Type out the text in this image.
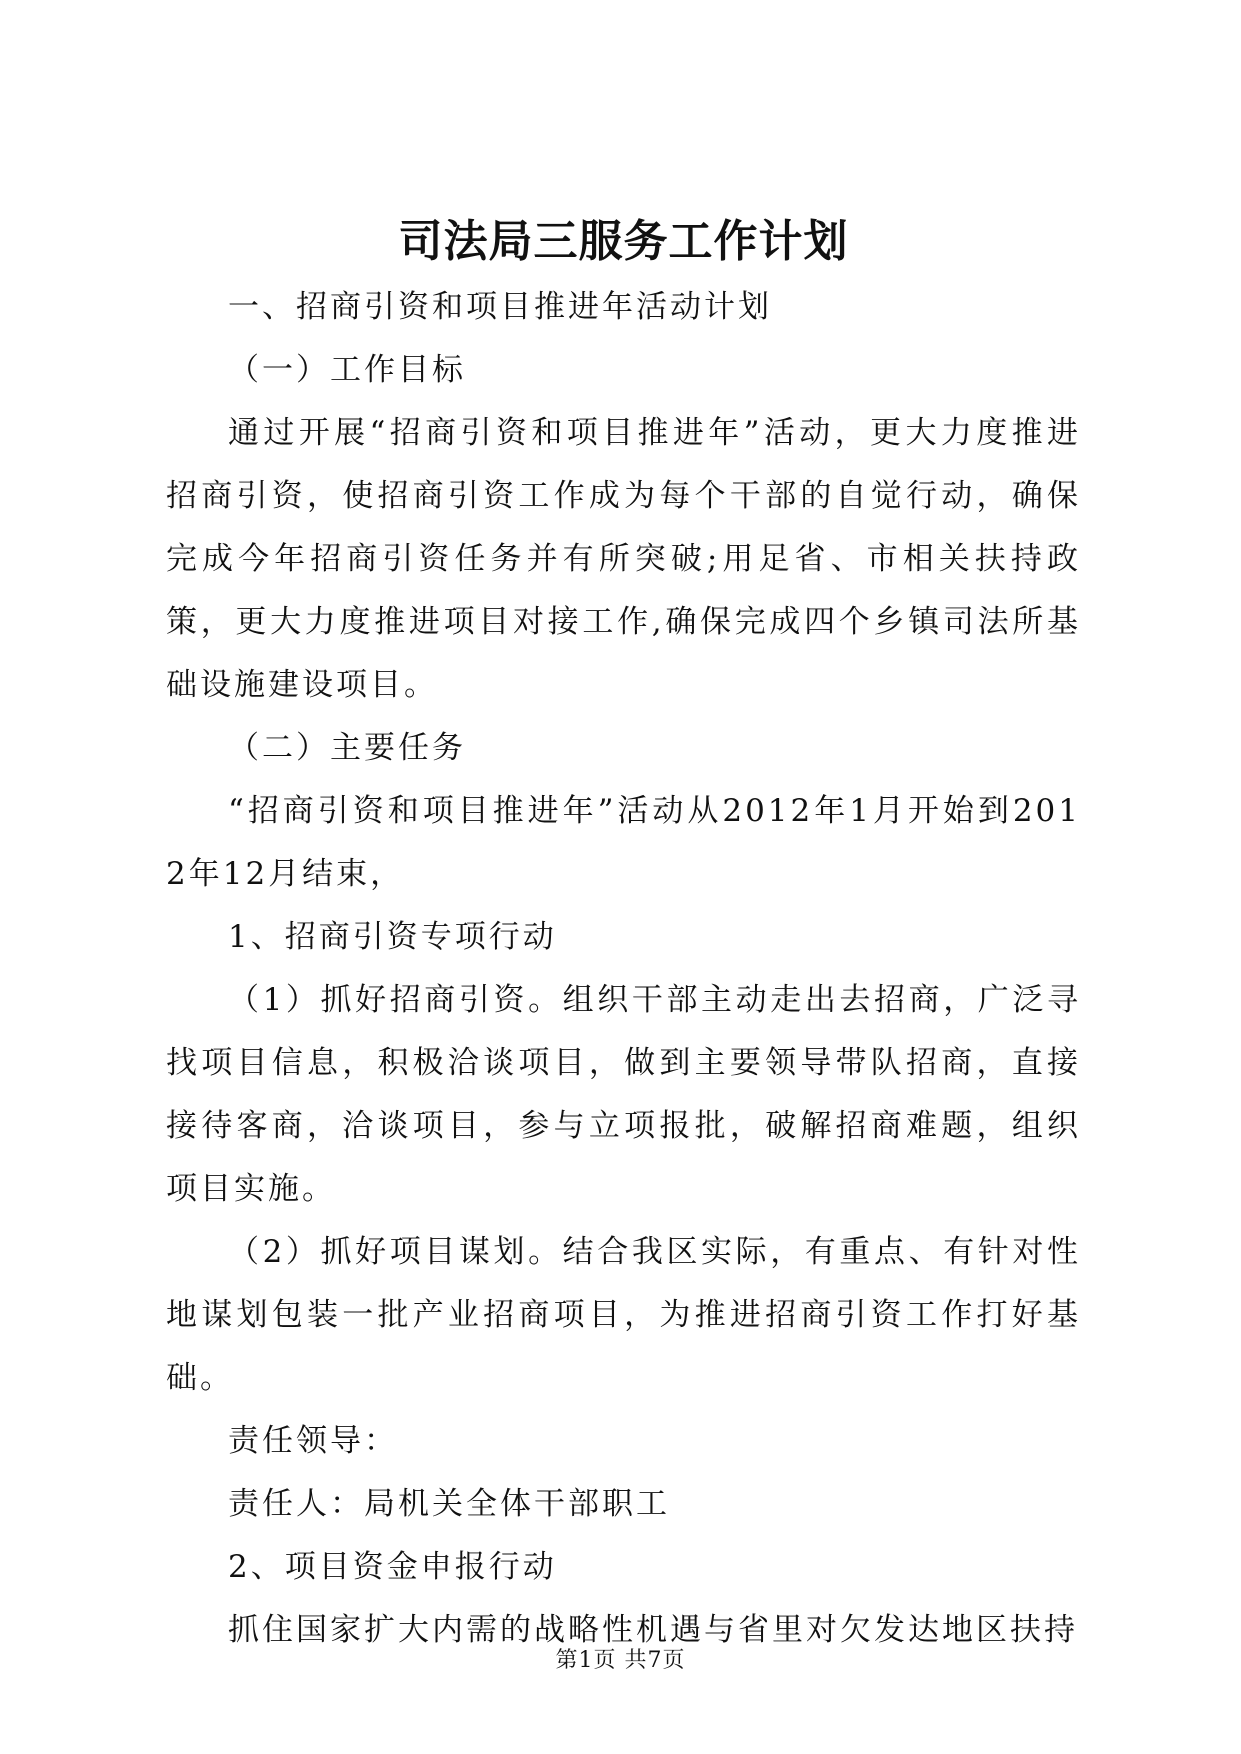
司法局三服务工作计划

一、招商引资和项目推进年活动计划

（一）工作目标

通过开展“招商引资和项目推进年”活动，更大力度推进招商引资，使招商引资工作成为每个干部的自觉行动，确保完成今年招商引资任务并有所突破;用足省、市相关扶持政策，更大力度推进项目对接工作,确保完成四个乡镇司法所基础设施建设项目。

（二）主要任务

“招商引资和项目推进年”活动从2012年1月开始到2012年12月结束，

1、招商引资专项行动

（1）抓好招商引资。组织干部主动走出去招商，广泛寻找项目信息，积极洽谈项目，做到主要领导带队招商，直接接待客商，洽谈项目，参与立项报批，破解招商难题，组织项目实施。

（2）抓好项目谋划。结合我区实际，有重点、有针对性地谋划包装一批产业招商项目，为推进招商引资工作打好基础。

责任领导：

责任人：局机关全体干部职工

2、项目资金申报行动

抓住国家扩大内需的战略性机遇与省里对欠发达地区扶持

第1页 共7页
